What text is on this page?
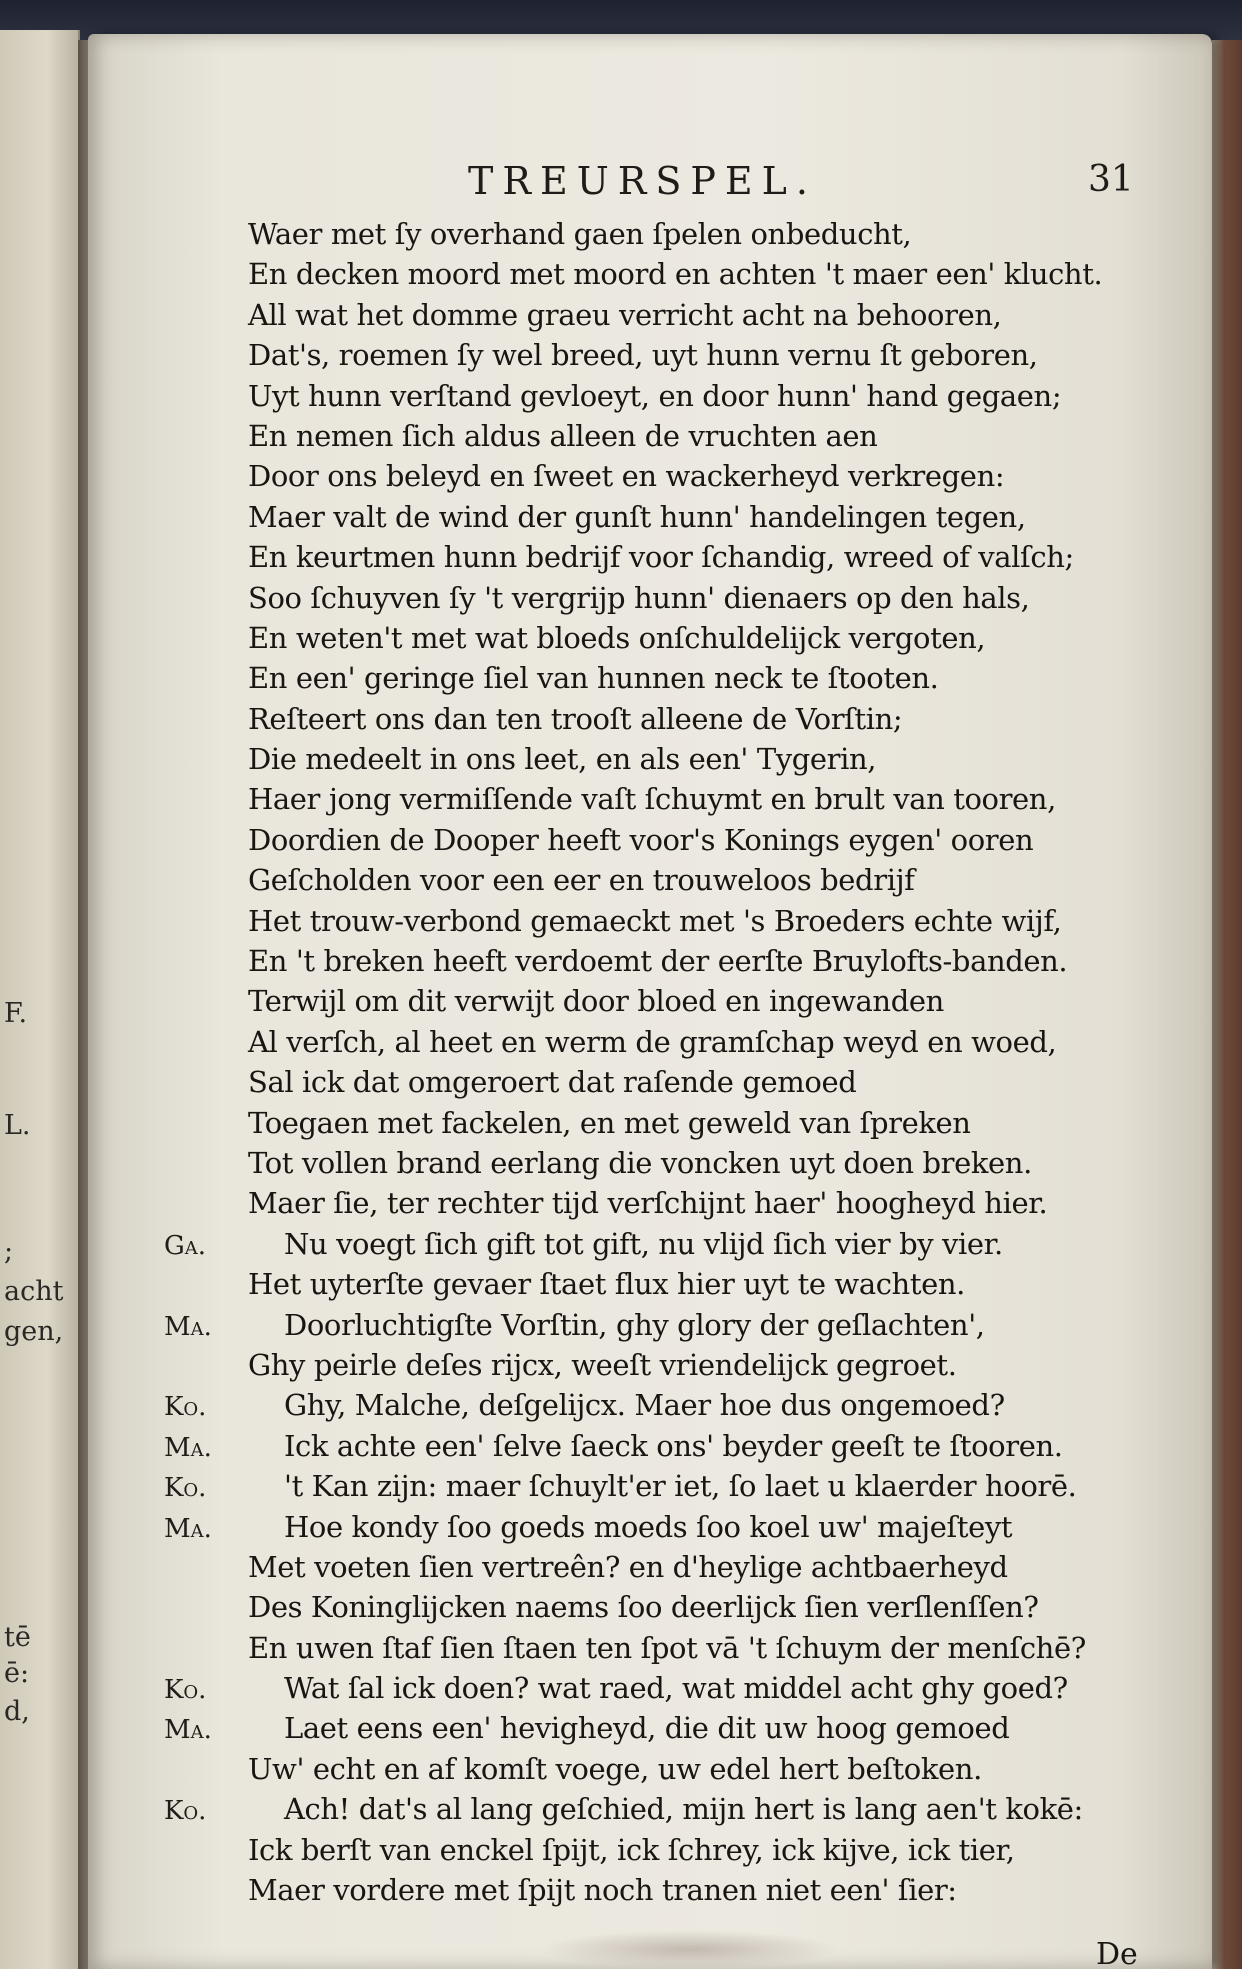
F.
L.
;
acht
gen,
tē
ē:
d,
TREURSPEL.	31
Waer met ſy overhand gaen ſpelen onbeducht,
En decken moord met moord en achten 't maer een' klucht.
All wat het domme graeu verricht acht na behooren,
Dat's, roemen ſy wel breed, uyt hunn vernu ſt geboren,
Uyt hunn verſtand gevloeyt, en door hunn' hand gegaen;
En nemen ſich aldus alleen de vruchten aen
Door ons beleyd en ſweet en wackerheyd verkregen:
Maer valt de wind der gunſt hunn' handelingen tegen,
En keurtmen hunn bedrijf voor ſchandig, wreed of valſch;
Soo ſchuyven ſy 't vergrijp hunn' dienaers op den hals,
En weten't met wat bloeds onſchuldelijck vergoten,
En een' geringe ſiel van hunnen neck te ſtooten.
Reſteert ons dan ten trooſt alleene de Vorſtin;
Die medeelt in ons leet, en als een' Tygerin,
Haer jong vermiſſende vaſt ſchuymt en brult van tooren,
Doordien de Dooper heeft voor's Konings eygen' ooren
Geſcholden voor een eer en trouweloos bedrijf
Het trouw-verbond gemaeckt met 's Broeders echte wijf,
En 't breken heeft verdoemt der eerſte Bruylofts-banden.
Terwijl om dit verwijt door bloed en ingewanden
Al verſch, al heet en werm de gramſchap weyd en woed,
Sal ick dat omgeroert dat raſende gemoed
Toegaen met fackelen, en met geweld van ſpreken
Tot vollen brand eerlang die voncken uyt doen breken.
Maer ſie, ter rechter tijd verſchijnt haer' hoogheyd hier.
Ga.	Nu voegt ſich gift tot gift, nu vlijd ſich vier by vier.
Het uyterſte gevaer ſtaet flux hier uyt te wachten.
Ma.	Doorluchtigſte Vorſtin, ghy glory der geſlachten',
Ghy peirle deſes rijcx, weeſt vriendelijck gegroet.
Ko.	Ghy, Malche, deſgelijcx. Maer hoe dus ongemoed?
Ma.	Ick achte een' ſelve ſaeck ons' beyder geeſt te ſtooren.
Ko.	't Kan zijn: maer ſchuylt'er iet, ſo laet u klaerder hoorē.
Ma.	Hoe kondy ſoo goeds moeds ſoo koel uw' majeſteyt
Met voeten ſien vertreên? en d'heylige achtbaerheyd
Des Koninglijcken naems ſoo deerlijck ſien verſlenſſen?
En uwen ſtaf ſien ſtaen ten ſpot vā 't ſchuym der menſchē?
Ko.	Wat ſal ick doen? wat raed, wat middel acht ghy goed?
Ma.	Laet eens een' hevigheyd, die dit uw hoog gemoed
Uw' echt en af komſt voege, uw edel hert beſtoken.
Ko.	Ach! dat's al lang geſchied, mijn hert is lang aen't kokē:
Ick berſt van enckel ſpijt, ick ſchrey, ick kijve, ick tier,
Maer vordere met ſpijt noch tranen niet een' ſier:
De
